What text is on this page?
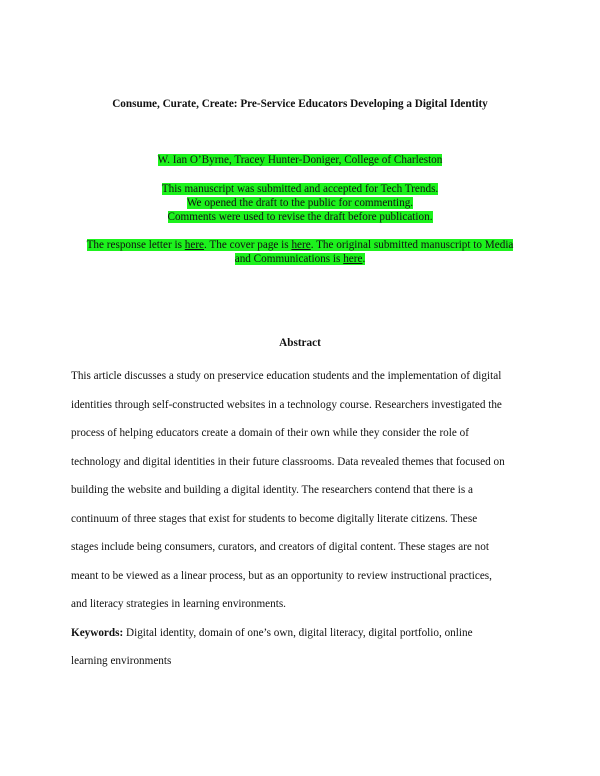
Consume, Curate, Create: Pre-Service Educators Developing a Digital Identity
W. Ian O’Byrne, Tracey Hunter-Doniger, College of Charleston
This manuscript was submitted and accepted for Tech Trends.
We opened the draft to the public for commenting.
Comments were used to revise the draft before publication.
The response letter is here. The cover page is here. The original submitted manuscript to Media
and Communications is here.
Abstract
This article discusses a study on preservice education students and the implementation of digital
identities through self-constructed websites in a technology course. Researchers investigated the
process of helping educators create a domain of their own while they consider the role of
technology and digital identities in their future classrooms. Data revealed themes that focused on
building the website and building a digital identity. The researchers contend that there is a
continuum of three stages that exist for students to become digitally literate citizens. These
stages include being consumers, curators, and creators of digital content. These stages are not
meant to be viewed as a linear process, but as an opportunity to review instructional practices,
and literacy strategies in learning environments.
Keywords: Digital identity, domain of one’s own, digital literacy, digital portfolio, online
learning environments
